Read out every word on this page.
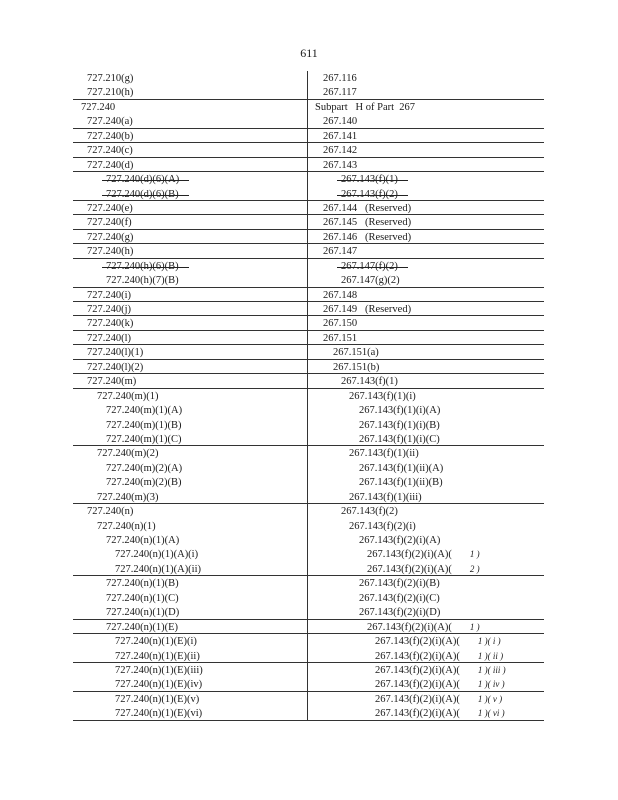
611
727.210(g)	267.116
727.210(h)	267.117
727.240	Subpart   H of Part  267
727.240(a)	267.140
727.240(b)	267.141
727.240(c)	267.142
727.240(d)	267.143
727.240(d)(6)(A)	267.143(f)(1)
727.240(d)(6)(B)	267.143(f)(2)
727.240(e)	267.144   (Reserved)
727.240(f)	267.145   (Reserved)
727.240(g)	267.146   (Reserved)
727.240(h)	267.147
727.240(h)(6)(B)	267.147(f)(2)
727.240(h)(7)(B)	267.147(g)(2)
727.240(i)	267.148
727.240(j)	267.149   (Reserved)
727.240(k)	267.150
727.240(l)	267.151
727.240(l)(1)	267.151(a)
727.240(l)(2)	267.151(b)
727.240(m)	267.143(f)(1)
727.240(m)(1)	267.143(f)(1)(i)
727.240(m)(1)(A)	267.143(f)(1)(i)(A)
727.240(m)(1)(B)	267.143(f)(1)(i)(B)
727.240(m)(1)(C)	267.143(f)(1)(i)(C)
727.240(m)(2)	267.143(f)(1)(ii)
727.240(m)(2)(A)	267.143(f)(1)(ii)(A)
727.240(m)(2)(B)	267.143(f)(1)(ii)(B)
727.240(m)(3)	267.143(f)(1)(iii)
727.240(n)	267.143(f)(2)
727.240(n)(1)	267.143(f)(2)(i)
727.240(n)(1)(A)	267.143(f)(2)(i)(A)
727.240(n)(1)(A)(i)	267.143(f)(2)(i)(A)( 1 )
727.240(n)(1)(A)(ii)	267.143(f)(2)(i)(A)( 2 )
727.240(n)(1)(B)	267.143(f)(2)(i)(B)
727.240(n)(1)(C)	267.143(f)(2)(i)(C)
727.240(n)(1)(D)	267.143(f)(2)(i)(D)
727.240(n)(1)(E)	267.143(f)(2)(i)(A)( 1 )
727.240(n)(1)(E)(i)	267.143(f)(2)(i)(A)( 1 )( i )
727.240(n)(1)(E)(ii)	267.143(f)(2)(i)(A)( 1 )( ii )
727.240(n)(1)(E)(iii)	267.143(f)(2)(i)(A)( 1 )( iii )
727.240(n)(1)(E)(iv)	267.143(f)(2)(i)(A)( 1 )( iv )
727.240(n)(1)(E)(v)	267.143(f)(2)(i)(A)( 1 )( v )
727.240(n)(1)(E)(vi)	267.143(f)(2)(i)(A)( 1 )( vi )
